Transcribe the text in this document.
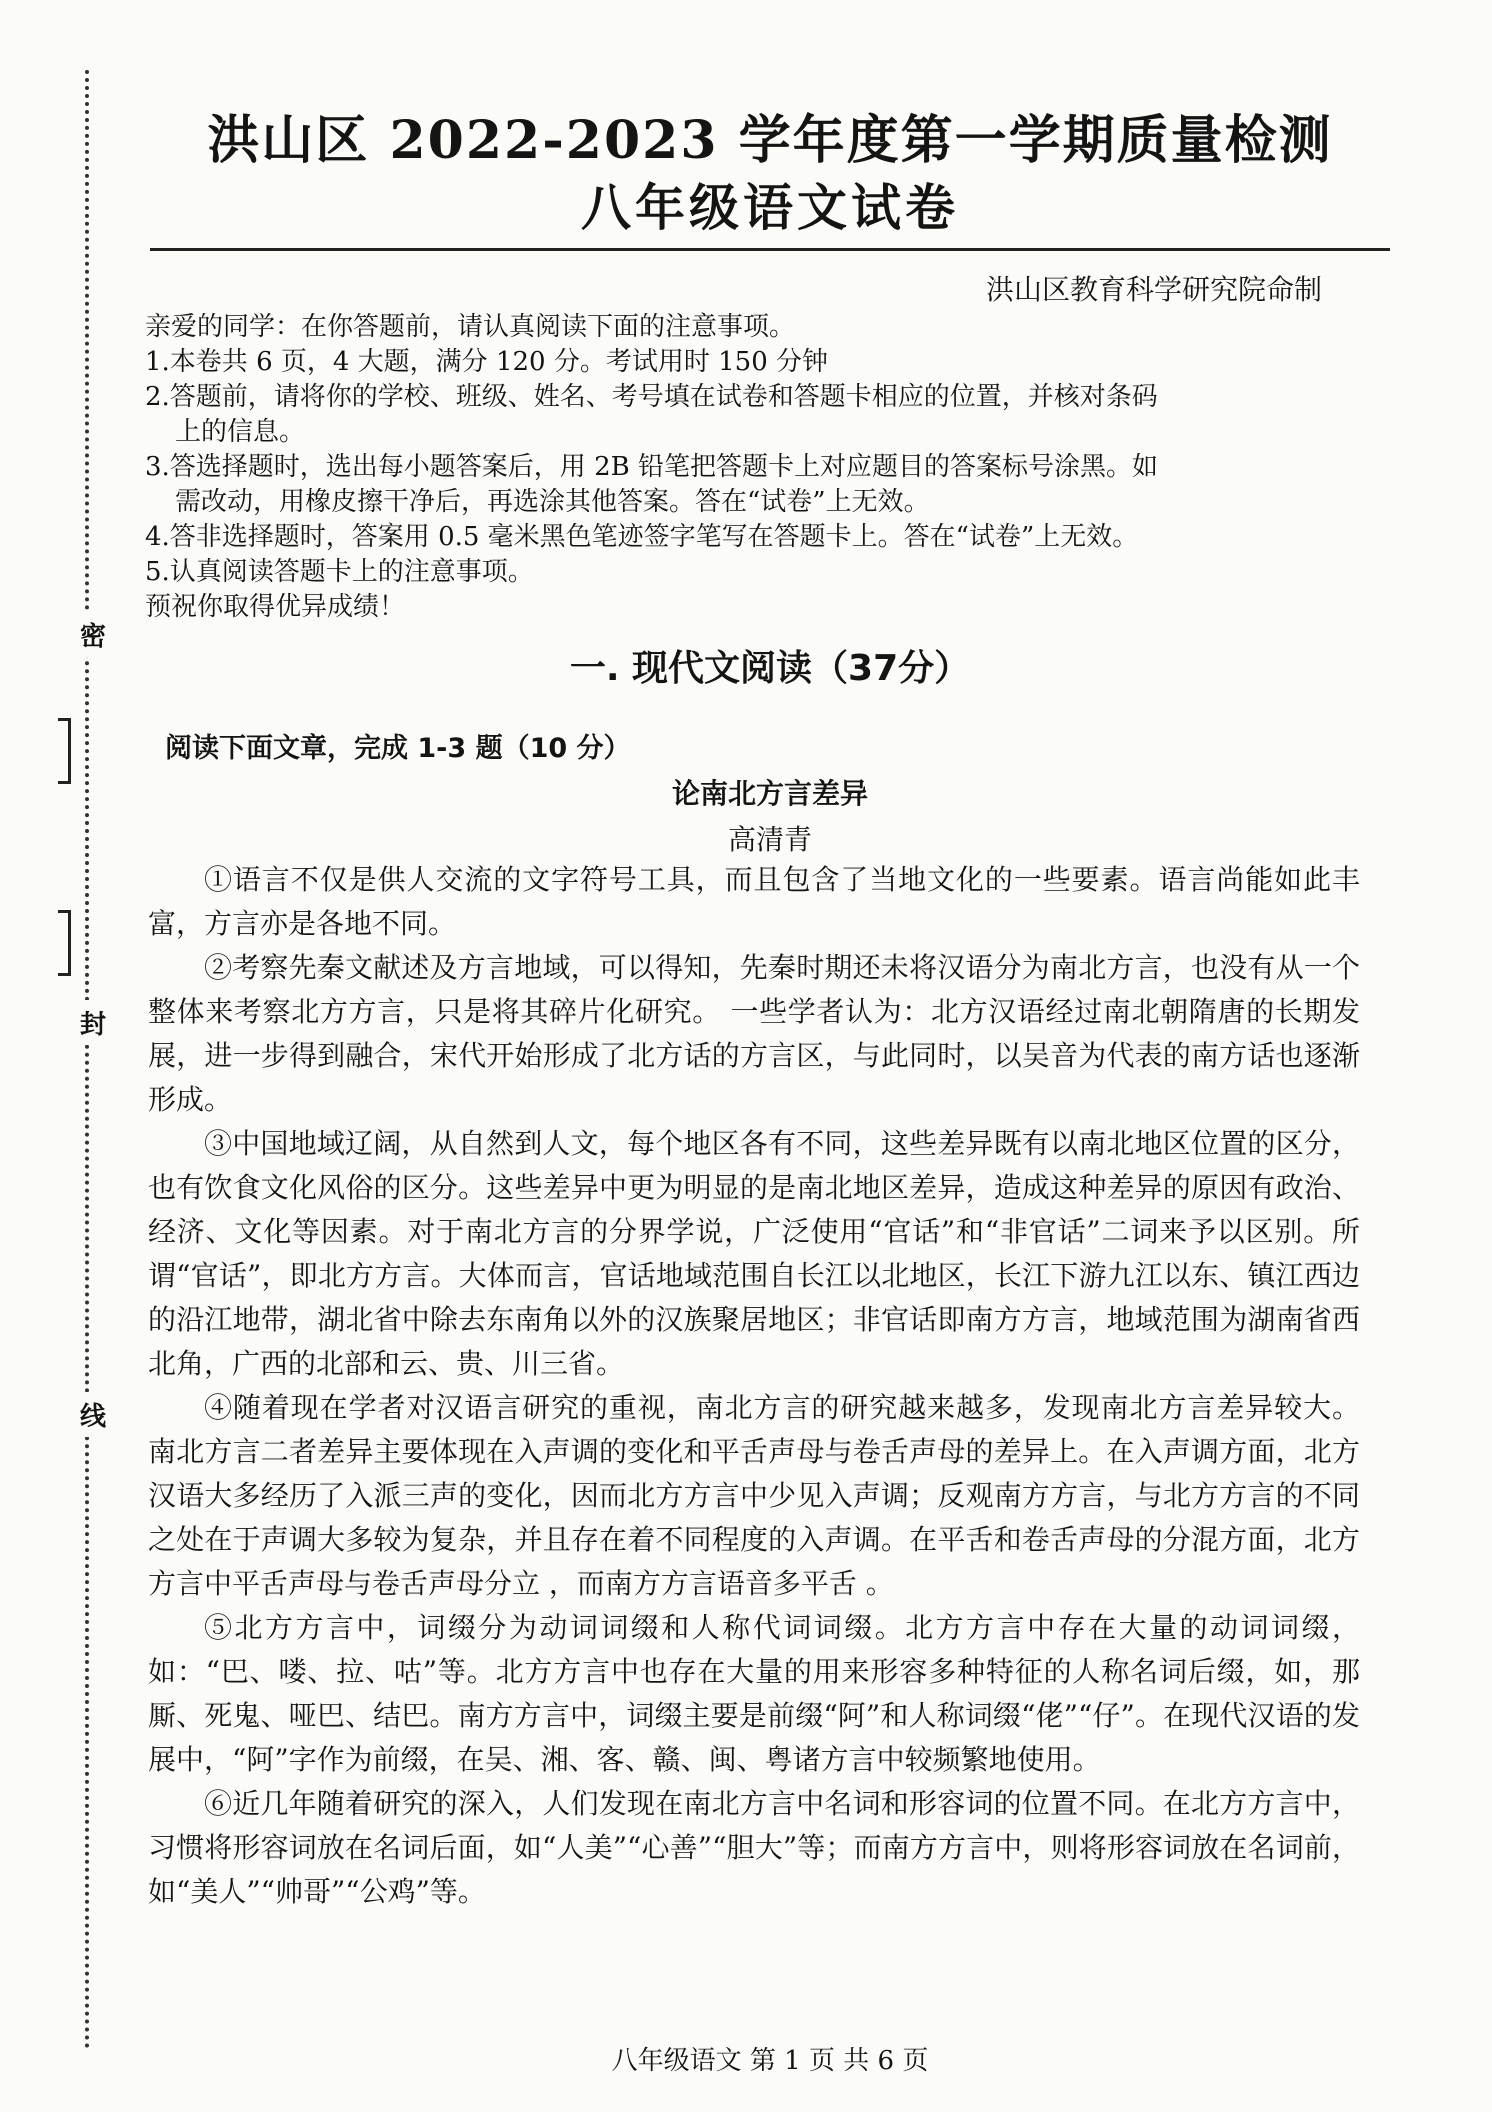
密
封
线
洪山区 2022-2023 学年度第一学期质量检测
八年级语文试卷
洪山区教育科学研究院命制
亲爱的同学：在你答题前，请认真阅读下面的注意事项。
1.本卷共 6 页，4 大题，满分 120 分。考试用时 150 分钟
2.答题前，请将你的学校、班级、姓名、考号填在试卷和答题卡相应的位置，并核对条码
上的信息。
3.答选择题时，选出每小题答案后，用 2B 铅笔把答题卡上对应题目的答案标号涂黑。如
需改动，用橡皮擦干净后，再选涂其他答案。答在“试卷”上无效。
4.答非选择题时，答案用 0.5 毫米黑色笔迹签字笔写在答题卡上。答在“试卷”上无效。
5.认真阅读答题卡上的注意事项。
预祝你取得优异成绩！
一. 现代文阅读（37分）
阅读下面文章，完成 1-3 题（10 分）
论南北方言差异
高清青

①语言不仅是供人交流的文字符号工具，而且包含了当地文化的一些要素。语言尚能如此丰富，方言亦是各地不同。

②考察先秦文献述及方言地域，可以得知，先秦时期还未将汉语分为南北方言，也没有从一个整体来考察北方方言，只是将其碎片化研究。 一些学者认为：北方汉语经过南北朝隋唐的长期发展，进一步得到融合，宋代开始形成了北方话的方言区，与此同时，以吴音为代表的南方话也逐渐形成。

③中国地域辽阔，从自然到人文，每个地区各有不同，这些差异既有以南北地区位置的区分，也有饮食文化风俗的区分。这些差异中更为明显的是南北地区差异，造成这种差异的原因有政治、经济、文化等因素。对于南北方言的分界学说，广泛使用“官话”和“非官话”二词来予以区别。所谓“官话”，即北方方言。大体而言，官话地域范围自长江以北地区，长江下游九江以东、镇江西边的沿江地带，湖北省中除去东南角以外的汉族聚居地区；非官话即南方方言，地域范围为湖南省西北角，广西的北部和云、贵、川三省。

④随着现在学者对汉语言研究的重视，南北方言的研究越来越多，发现南北方言差异较大。 南北方言二者差异主要体现在入声调的变化和平舌声母与卷舌声母的差异上。在入声调方面，北方汉语大多经历了入派三声的变化，因而北方方言中少见入声调；反观南方方言，与北方方言的不同之处在于声调大多较为复杂，并且存在着不同程度的入声调。在平舌和卷舌声母的分混方面，北方方言中平舌声母与卷舌声母分立 ，而南方方言语音多平舌 。

⑤北方方言中，词缀分为动词词缀和人称代词词缀。北方方言中存在大量的动词词缀，如：“巴、喽、拉、咕”等。北方方言中也存在大量的用来形容多种特征的人称名词后缀，如，那厮、死鬼、哑巴、结巴。南方方言中，词缀主要是前缀“阿”和人称词缀“佬”“仔”。在现代汉语的发展中，“阿”字作为前缀，在吴、湘、客、赣、闽、粤诸方言中较频繁地使用。

⑥近几年随着研究的深入，人们发现在南北方言中名词和形容词的位置不同。在北方方言中，习惯将形容词放在名词后面，如“人美”“心善”“胆大”等；而南方方言中，则将形容词放在名词前，如“美人”“帅哥”“公鸡”等。

八年级语文 第 1 页 共 6 页
